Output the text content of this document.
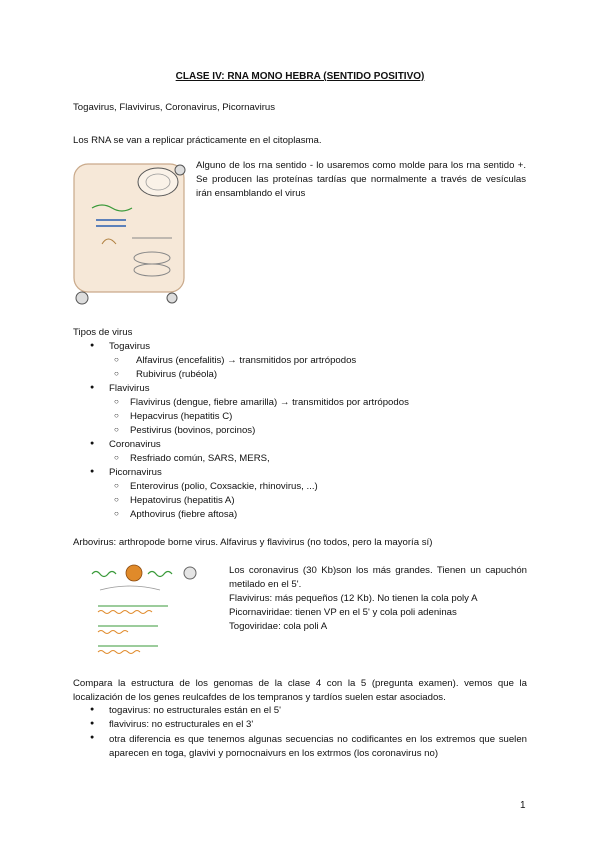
CLASE IV: RNA MONO HEBRA (SENTIDO POSITIVO)
Togavirus, Flavivirus, Coronavirus, Picornavirus
Los RNA se van a replicar prácticamente en el citoplasma.
Alguno de los rna sentido - lo usaremos como molde para los rna sentido +. Se producen las proteínas tardías que normalmente a través de vesículas irán ensamblando el virus
Tipos de virus
Togavirus
Alfavirus (encefalitis) → transmitidos por artrópodos
Rubivirus (rubéola)
Flavivirus
Flavivirus (dengue, fiebre amarilla) → transmitidos por artrópodos
Hepacvirus (hepatitis C)
Pestivirus (bovinos, porcinos)
Coronavirus
Resfriado común, SARS, MERS,
Picornavirus
Enterovirus (polio, Coxsackie, rhinovirus, ...)
Hepatovirus (hepatitis A)
Apthovirus (fiebre aftosa)
Arbovirus: arthropode borne virus. Alfavirus y flavivirus (no todos, pero la mayoría sí)
Los coronavirus (30 Kb)son los más grandes. Tienen un capuchón metilado en el 5'.
Flavivirus: más pequeños (12 Kb). No tienen la cola poly A
Picornaviridae: tienen VP en el 5' y cola poli adeninas
Togoviridae: cola poli A
Compara la estructura de los genomas de la clase 4 con la 5 (pregunta examen). vemos que la localización de los genes reulcafdes de los tempranos y tardíos suelen estar asociados.
togavirus: no estructurales están en el 5'
flavivirus: no estructurales en el 3'
otra diferencia es que tenemos algunas secuencias no codificantes en los extremos que suelen aparecen en toga, glavivi y pornocnaivurs en los extrmos (los coronavirus no)
1
